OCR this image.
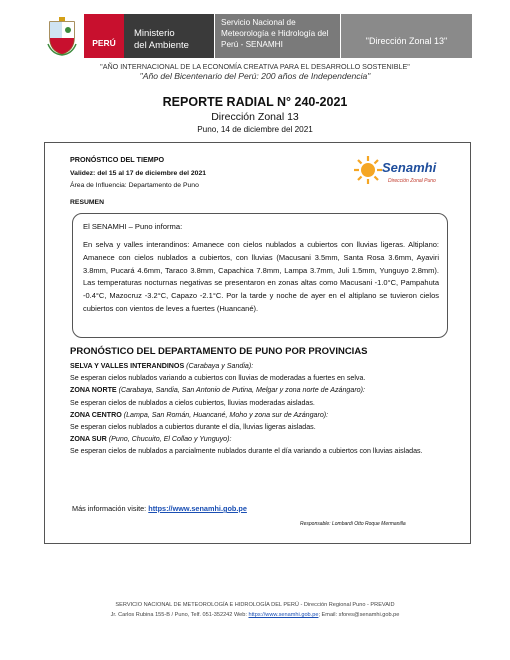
PERÚ
Ministerio
del Ambiente
Servicio Nacional de
Meteorología e Hidrología del
Perú - SENAMHI	"Dirección Zonal 13"
"AÑO INTERNACIONAL DE LA ECONOMÍA CREATIVA PARA EL DESARROLLO SOSTENIBLE"
"Año del Bicentenario del Perú: 200 años de Independencia"
REPORTE RADIAL N° 240-2021
Dirección Zonal 13
Puno, 14 de diciembre del 2021
PRONÓSTICO DEL TIEMPO
Validez: del 15 al 17 de diciembre del 2021
Área de Influencia: Departamento de Puno
RESUMEN
Senamhi
Dirección Zonal Puno
El SENAMHI – Puno informa:
En selva y valles interandinos: Amanece con cielos nublados a cubiertos con lluvias ligeras. Altiplano: Amanece con cielos nublados a cubiertos, con lluvias (Macusani 3.5mm, Santa Rosa 3.6mm, Ayaviri 3.8mm, Pucará 4.6mm, Taraco 3.8mm, Capachica 7.8mm, Lampa 3.7mm, Juli 1.5mm, Yunguyo 2.8mm). Las temperaturas nocturnas negativas se presentaron en zonas altas como Macusani -1.0°C, Pampahuta -0.4°C, Mazocruz -3.2°C, Capazo -2.1°C. Por la tarde y noche de ayer en el altiplano se tuvieron cielos cubiertos con vientos de leves a fuertes (Huancané).
PRONÓSTICO DEL DEPARTAMENTO DE PUNO POR PROVINCIAS
SELVA Y VALLES INTERANDINOS (Carabaya y Sandia):
Se esperan cielos nublados variando a cubiertos con lluvias de moderadas a fuertes en selva.
ZONA NORTE (Carabaya, Sandia, San Antonio de Putina, Melgar y zona norte de Azángaro):
Se esperan cielos de nublados a cielos cubiertos, lluvias moderadas aisladas.
ZONA CENTRO (Lampa, San Román, Huancané, Moho y zona sur de Azángaro):
Se esperan cielos nublados a cubiertos durante el día, lluvias ligeras aisladas.
ZONA SUR (Puno, Chucuito, El Collao y Yunguyo):
Se esperan cielos de nublados a parcialmente nublados durante el día variando a cubiertos con lluvias aisladas.
Más información visite: https://www.senamhi.gob.pe
Responsable: Lombardi Otto Roque Mermanilla
SERVICIO NACIONAL DE METEOROLOGÍA E HIDROLOGÍA DEL PERÚ - Dirección Regional Puno - PREVAID
Jr. Carlos Rubina 155-B / Puno, Telf. 051-352242 Web: https://www.senamhi.gob.pe; Email: sfores@senamhi.gob.pe
